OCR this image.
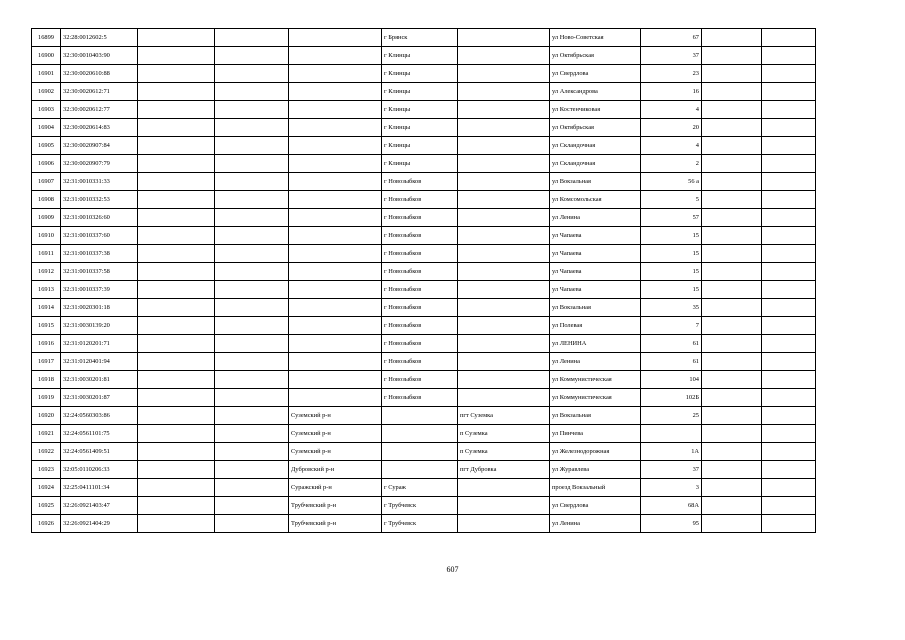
16899	32:28:0012602:5				г Брянск		ул Ново-Советская	67		
16900	32:30:0010403:90				г Клинцы		ул Октябрьская	37		
16901	32:30:0020610:88				г Клинцы		ул Свердлова	23		
16902	32:30:0020612:71				г Клинцы		ул Александрова	16		
16903	32:30:0020612:77				г Клинцы		ул Костенчиковая	4		
16904	32:30:0020614:83				г Клинцы		ул Октябрьская	20		
16905	32:30:0020907:84				г Клинцы		ул Скландочная	4		
16906	32:30:0020907:79				г Клинцы		ул Скландочная	2		
16907	32:31:0010331:33				г Новозыбков		ул Вокзальная	56 а		
16908	32:31:0010332:53				г Новозыбков		ул Комсомольская	5		
16909	32:31:0010326:60				г Новозыбков		ул Ленина	57		
16910	32:31:0010337:60				г Новозыбков		ул Чапаева	15		
16911	32:31:0010337:38				г Новозыбков		ул Чапаева	15		
16912	32:31:0010337:58				г Новозыбков		ул Чапаева	15		
16913	32:31:0010337:39				г Новозыбков		ул Чапаева	15		
16914	32:31:0020301:18				г Новозыбков		ул Вокзальная	35		
16915	32:31:0030139:20				г Новозыбков		ул Полевая	7		
16916	32:31:0120201:71				г Новозыбков		ул ЛЕНИНА	61		
16917	32:31:0120401:94				г Новозыбков		ул Ленина	61		
16918	32:31:0030201:81				г Новозыбков		ул Коммунистическая	104		
16919	32:31:0030201:87				г Новозыбков		ул Коммунистическая	102Б		
16920	32:24:0560303:86			Суземский р-н		пгт Суземка	ул Вокзальная	25		
16921	32:24:0561101:75			Суземский р-н		п Суземка	ул Пинчева			
16922	32:24:0561409:51			Суземский р-н		п Суземка	ул Железнодорожная	1А		
16923	32:05:0110206:33			Дубровский р-н		пгт Дубровка	ул Журавлева	37		
16924	32:25:0411101:34			Суражский р-н	г Сураж		проезд Вокзальный	3		
16925	32:26:0921403:47			Трубчевский р-н	г Трубчевск		ул Свердлова	68А		
16926	32:26:0921404:29			Трубчевский р-н	г Трубчевск		ул Ленина	95		
607
